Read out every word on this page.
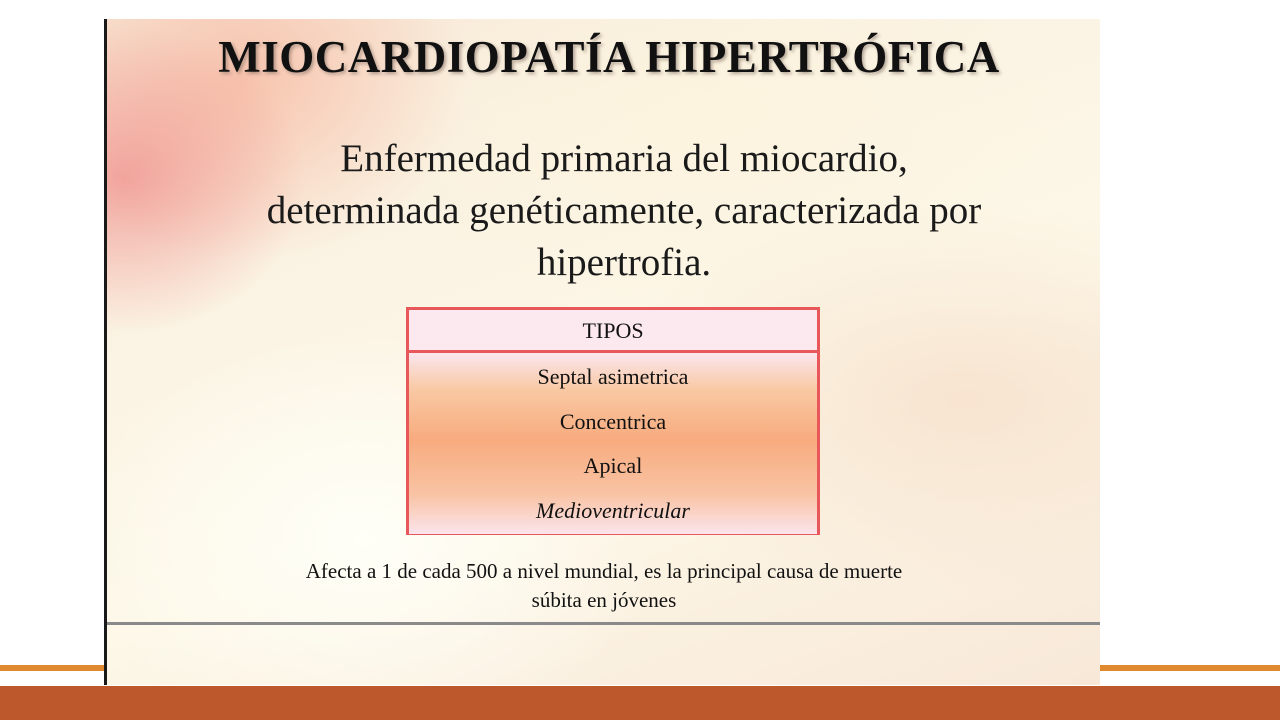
MIOCARDIOPATÍA HIPERTRÓFICA
Enfermedad primaria del miocardio,
determinada genéticamente, caracterizada por
hipertrofia.
TIPOS
Septal asimetrica
Concentrica
Apical
Medioventricular
Afecta a 1 de cada 500 a nivel mundial, es la principal causa de muerte
súbita en jóvenes
